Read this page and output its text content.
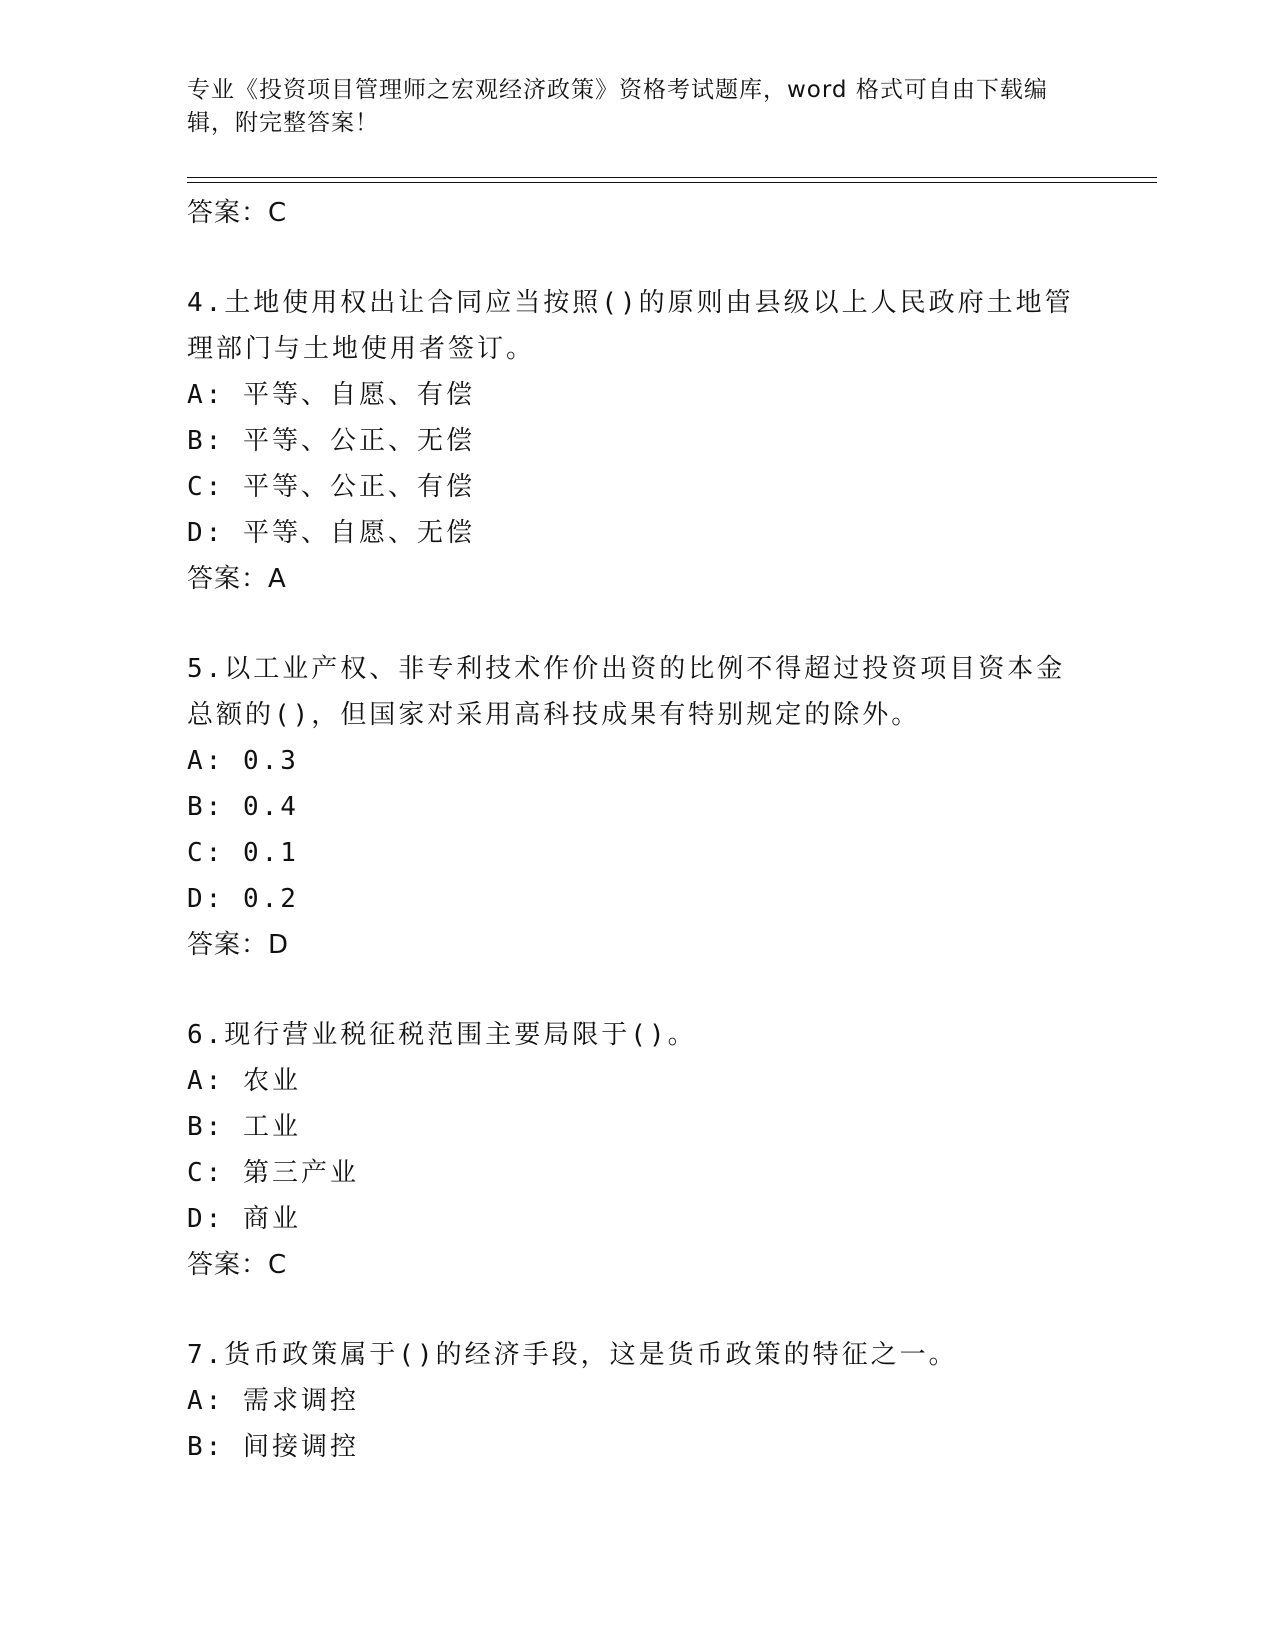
专业《投资项目管理师之宏观经济政策》资格考试题库，word 格式可自由下载编
辑，附完整答案！
答案：C
4.土地使用权出让合同应当按照()的原则由县级以上人民政府土地管
理部门与土地使用者签订。
A: 平等、自愿、有偿
B: 平等、公正、无偿
C: 平等、公正、有偿
D: 平等、自愿、无偿
答案：A
5.以工业产权、非专利技术作价出资的比例不得超过投资项目资本金
总额的()，但国家对采用高科技成果有特别规定的除外。
A: 0.3
B: 0.4
C: 0.1
D: 0.2
答案：D
6.现行营业税征税范围主要局限于()。
A: 农业
B: 工业
C: 第三产业
D: 商业
答案：C
7.货币政策属于()的经济手段，这是货币政策的特征之一。
A: 需求调控
B: 间接调控
